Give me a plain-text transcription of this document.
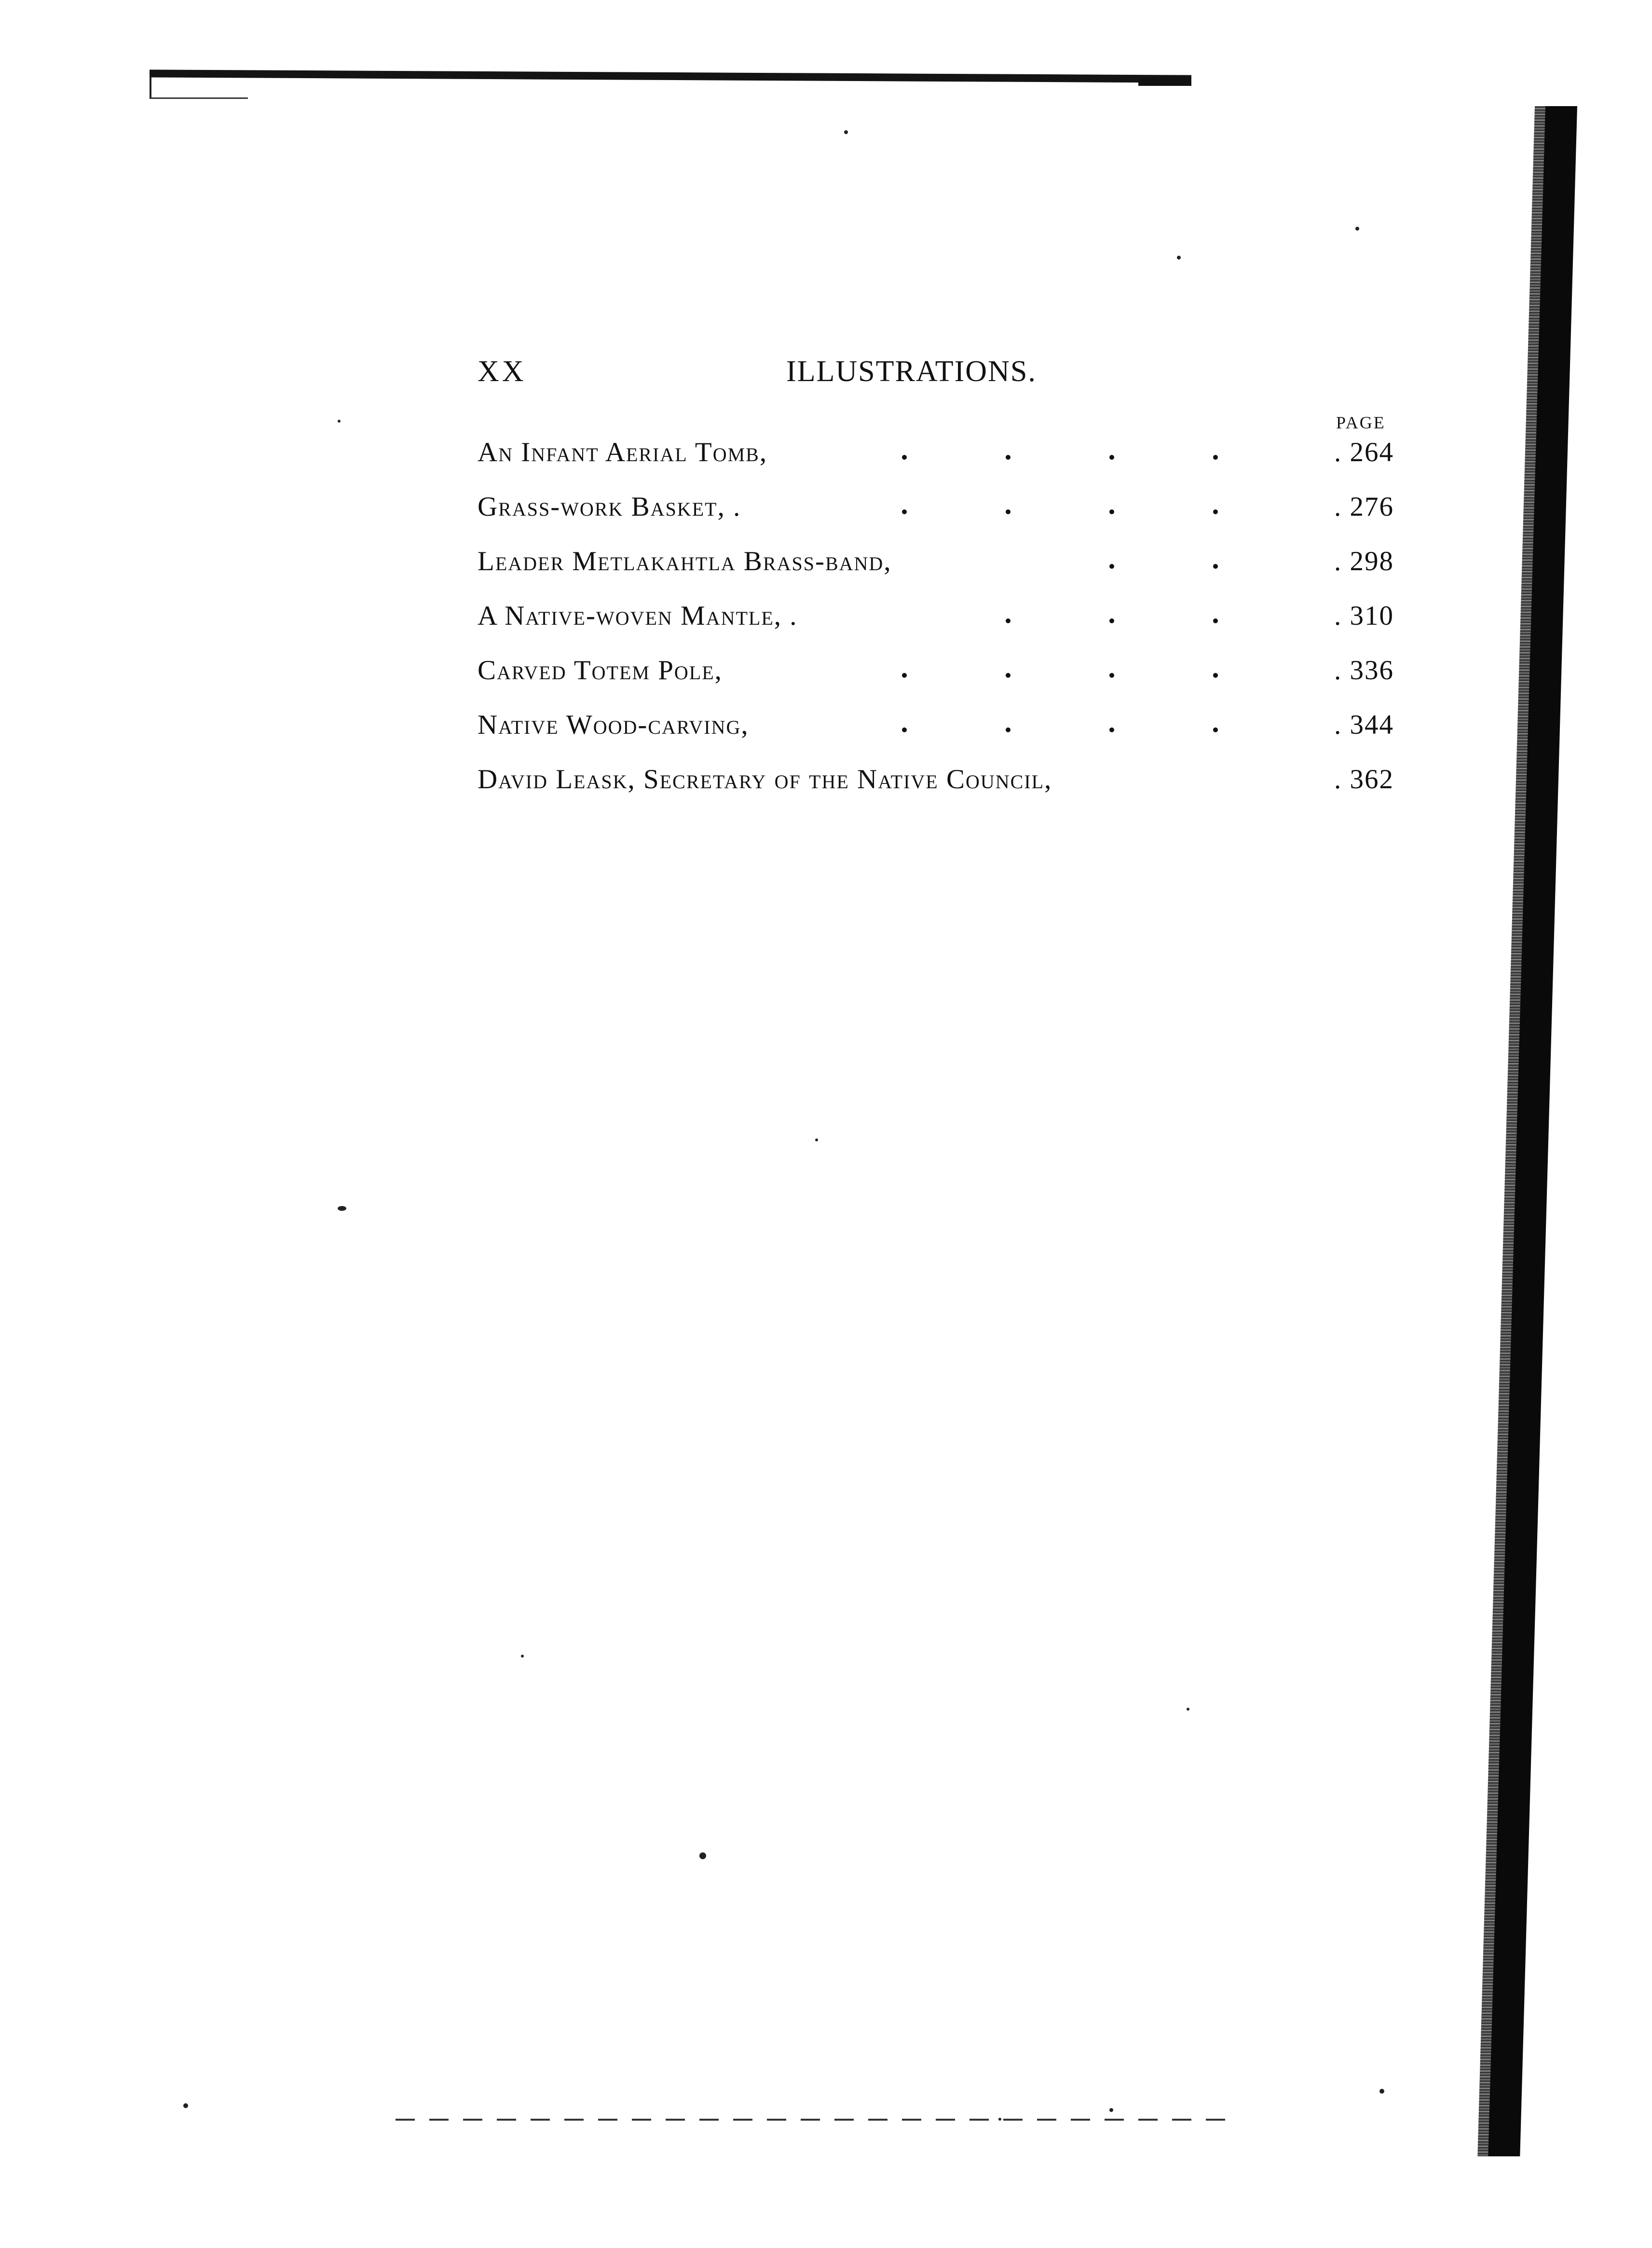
XX	ILLUSTRATIONS.
PAGE
An Infant Aerial Tomb,	. 264
Grass-work Basket, .	. 276
Leader Metlakahtla Brass-band,	. 298
A Native-woven Mantle, .	. 310
Carved Totem Pole,	. 336
Native Wood-carving,	. 344
David Leask, Secretary of the Native Council,	. 362
